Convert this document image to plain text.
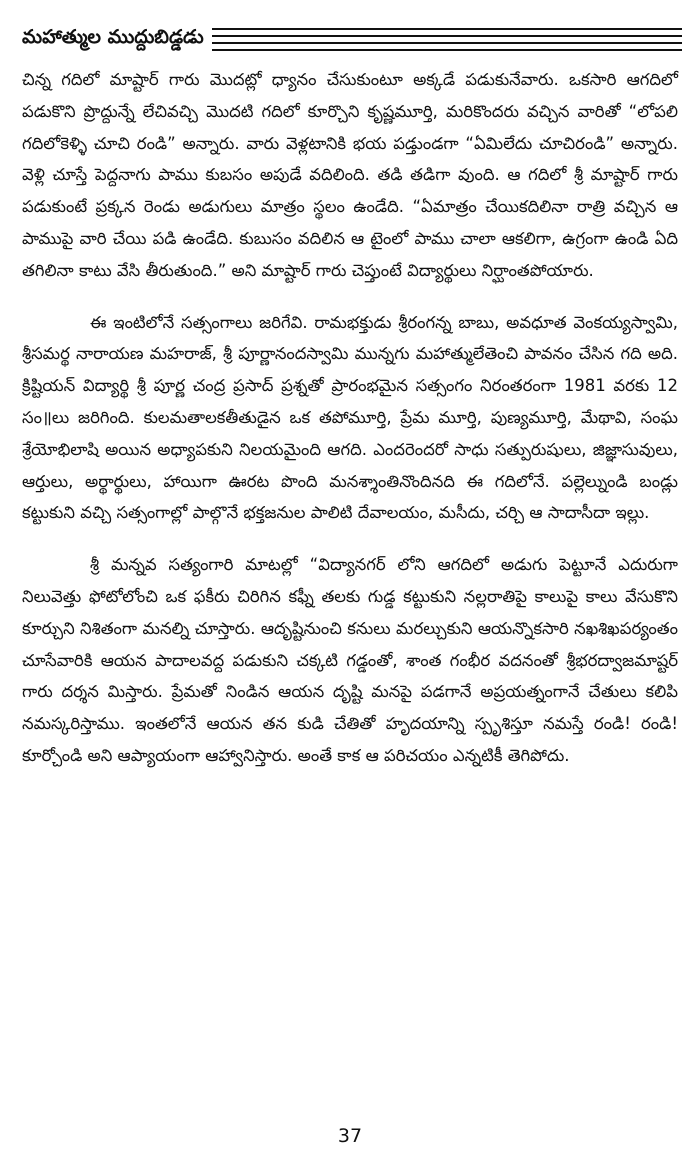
మహాత్ముల ముద్దుబిడ్డడు

చిన్న గదిలో మాష్టార్ గారు మొదట్లో ధ్యానం చేసుకుంటూ అక్కడే పడుకునేవారు. ఒకసారి ఆగదిలో పడుకొని ప్రొద్దున్నే లేచివచ్చి మొదటి గదిలో కూర్చొని కృష్ణమూర్తి, మరికొందరు వచ్చిన వారితో “లోపలి గదిలోకెళ్ళి చూచి రండి” అన్నారు. వారు వెళ్లటానికి భయ పడ్తుండగా “ఏమిలేదు చూచిరండి” అన్నారు. వెళ్లి చూస్తే పెద్దనాగు పాము కుబసం అపుడే వదిలింది. తడి తడిగా వుంది. ఆ గదిలో శ్రీ మాష్టార్ గారు పడుకుంటే ప్రక్కన రెండు అడుగులు మాత్రం స్థలం ఉండేది. “ఏమాత్రం చేయికదిలినా రాత్రి వచ్చిన ఆ పాముపై వారి చేయి పడి ఉండేది. కుబుసం వదిలిన ఆ టైంలో పాము చాలా ఆకలిగా, ఉగ్రంగా ఉండి ఏది తగిలినా కాటు వేసి తీరుతుంది.” అని మాష్టార్ గారు చెప్తుంటే విద్యార్థులు నిర్ఘాంతపోయారు.

ఈ ఇంటిలోనే సత్సంగాలు జరిగేవి. రామభక్తుడు శ్రీరంగన్న బాబు, అవధూత వెంకయ్యస్వామి, శ్రీసమర్థ నారాయణ మహరాజ్, శ్రీ పూర్ణానందస్వామి మున్నగు మహాత్ములేతెంచి పావనం చేసిన గది అది. క్రిష్టియన్ విద్యార్థి శ్రీ పూర్ణ చంద్ర ప్రసాద్ ప్రశ్నతో ప్రారంభమైన సత్సంగం నిరంతరంగా 1981 వరకు 12 సం॥లు జరిగింది. కులమతాలకతీతుడైన ఒక తపోమూర్తి, ప్రేమ మూర్తి, పుణ్యమూర్తి, మేథావి, సంఘ శ్రేయోభిలాషి అయిన అధ్యాపకుని నిలయమైంది ఆగది. ఎందరెందరో సాధు సత్పురుషులు, జిజ్ఞాసువులు, ఆర్తులు, అర్థార్థులు, హాయిగా ఊరట పొంది మనశ్శాంతినొందినది ఈ గదిలోనే. పల్లెల్నుండి బండ్లు కట్టుకుని వచ్చి సత్సంగాల్లో పాల్గొనే భక్తజనుల పాలిటి దేవాలయం, మసీదు, చర్చి ఆ సాదాసీదా ఇల్లు.

శ్రీ మన్నవ సత్యంగారి మాటల్లో “విద్యానగర్ లోని ఆగదిలో అడుగు పెట్టూనే ఎదురుగా నిలువెత్తు ఫోటోలోంచి ఒక ఫకీరు చిరిగిన కఫ్నీ తలకు గుడ్డ కట్టుకుని నల్లరాతిపై కాలుపై కాలు వేసుకొని కూర్చుని నిశితంగా మనల్ని చూస్తారు. ఆదృష్టినుంచి కనులు మరల్చుకుని ఆయన్నొకసారి నఖశిఖపర్యంతం చూసేవారికి ఆయన పాదాలవద్ద పడుకుని చక్కటి గడ్డంతో, శాంత గంభీర వదనంతో శ్రీభరద్వాజమాష్టర్ గారు దర్శన మిస్తారు. ప్రేమతో నిండిన ఆయన దృష్టి మనపై పడగానే అప్రయత్నంగానే చేతులు కలిపి నమస్కరిస్తాము. ఇంతలోనే ఆయన తన కుడి చేతితో హృదయాన్ని స్పృశిస్తూ నమస్తే రండి! రండి! కూర్చోండి అని ఆప్యాయంగా ఆహ్వానిస్తారు. అంతే కాక ఆ పరిచయం ఎన్నటికీ తెగిపోదు.

37
